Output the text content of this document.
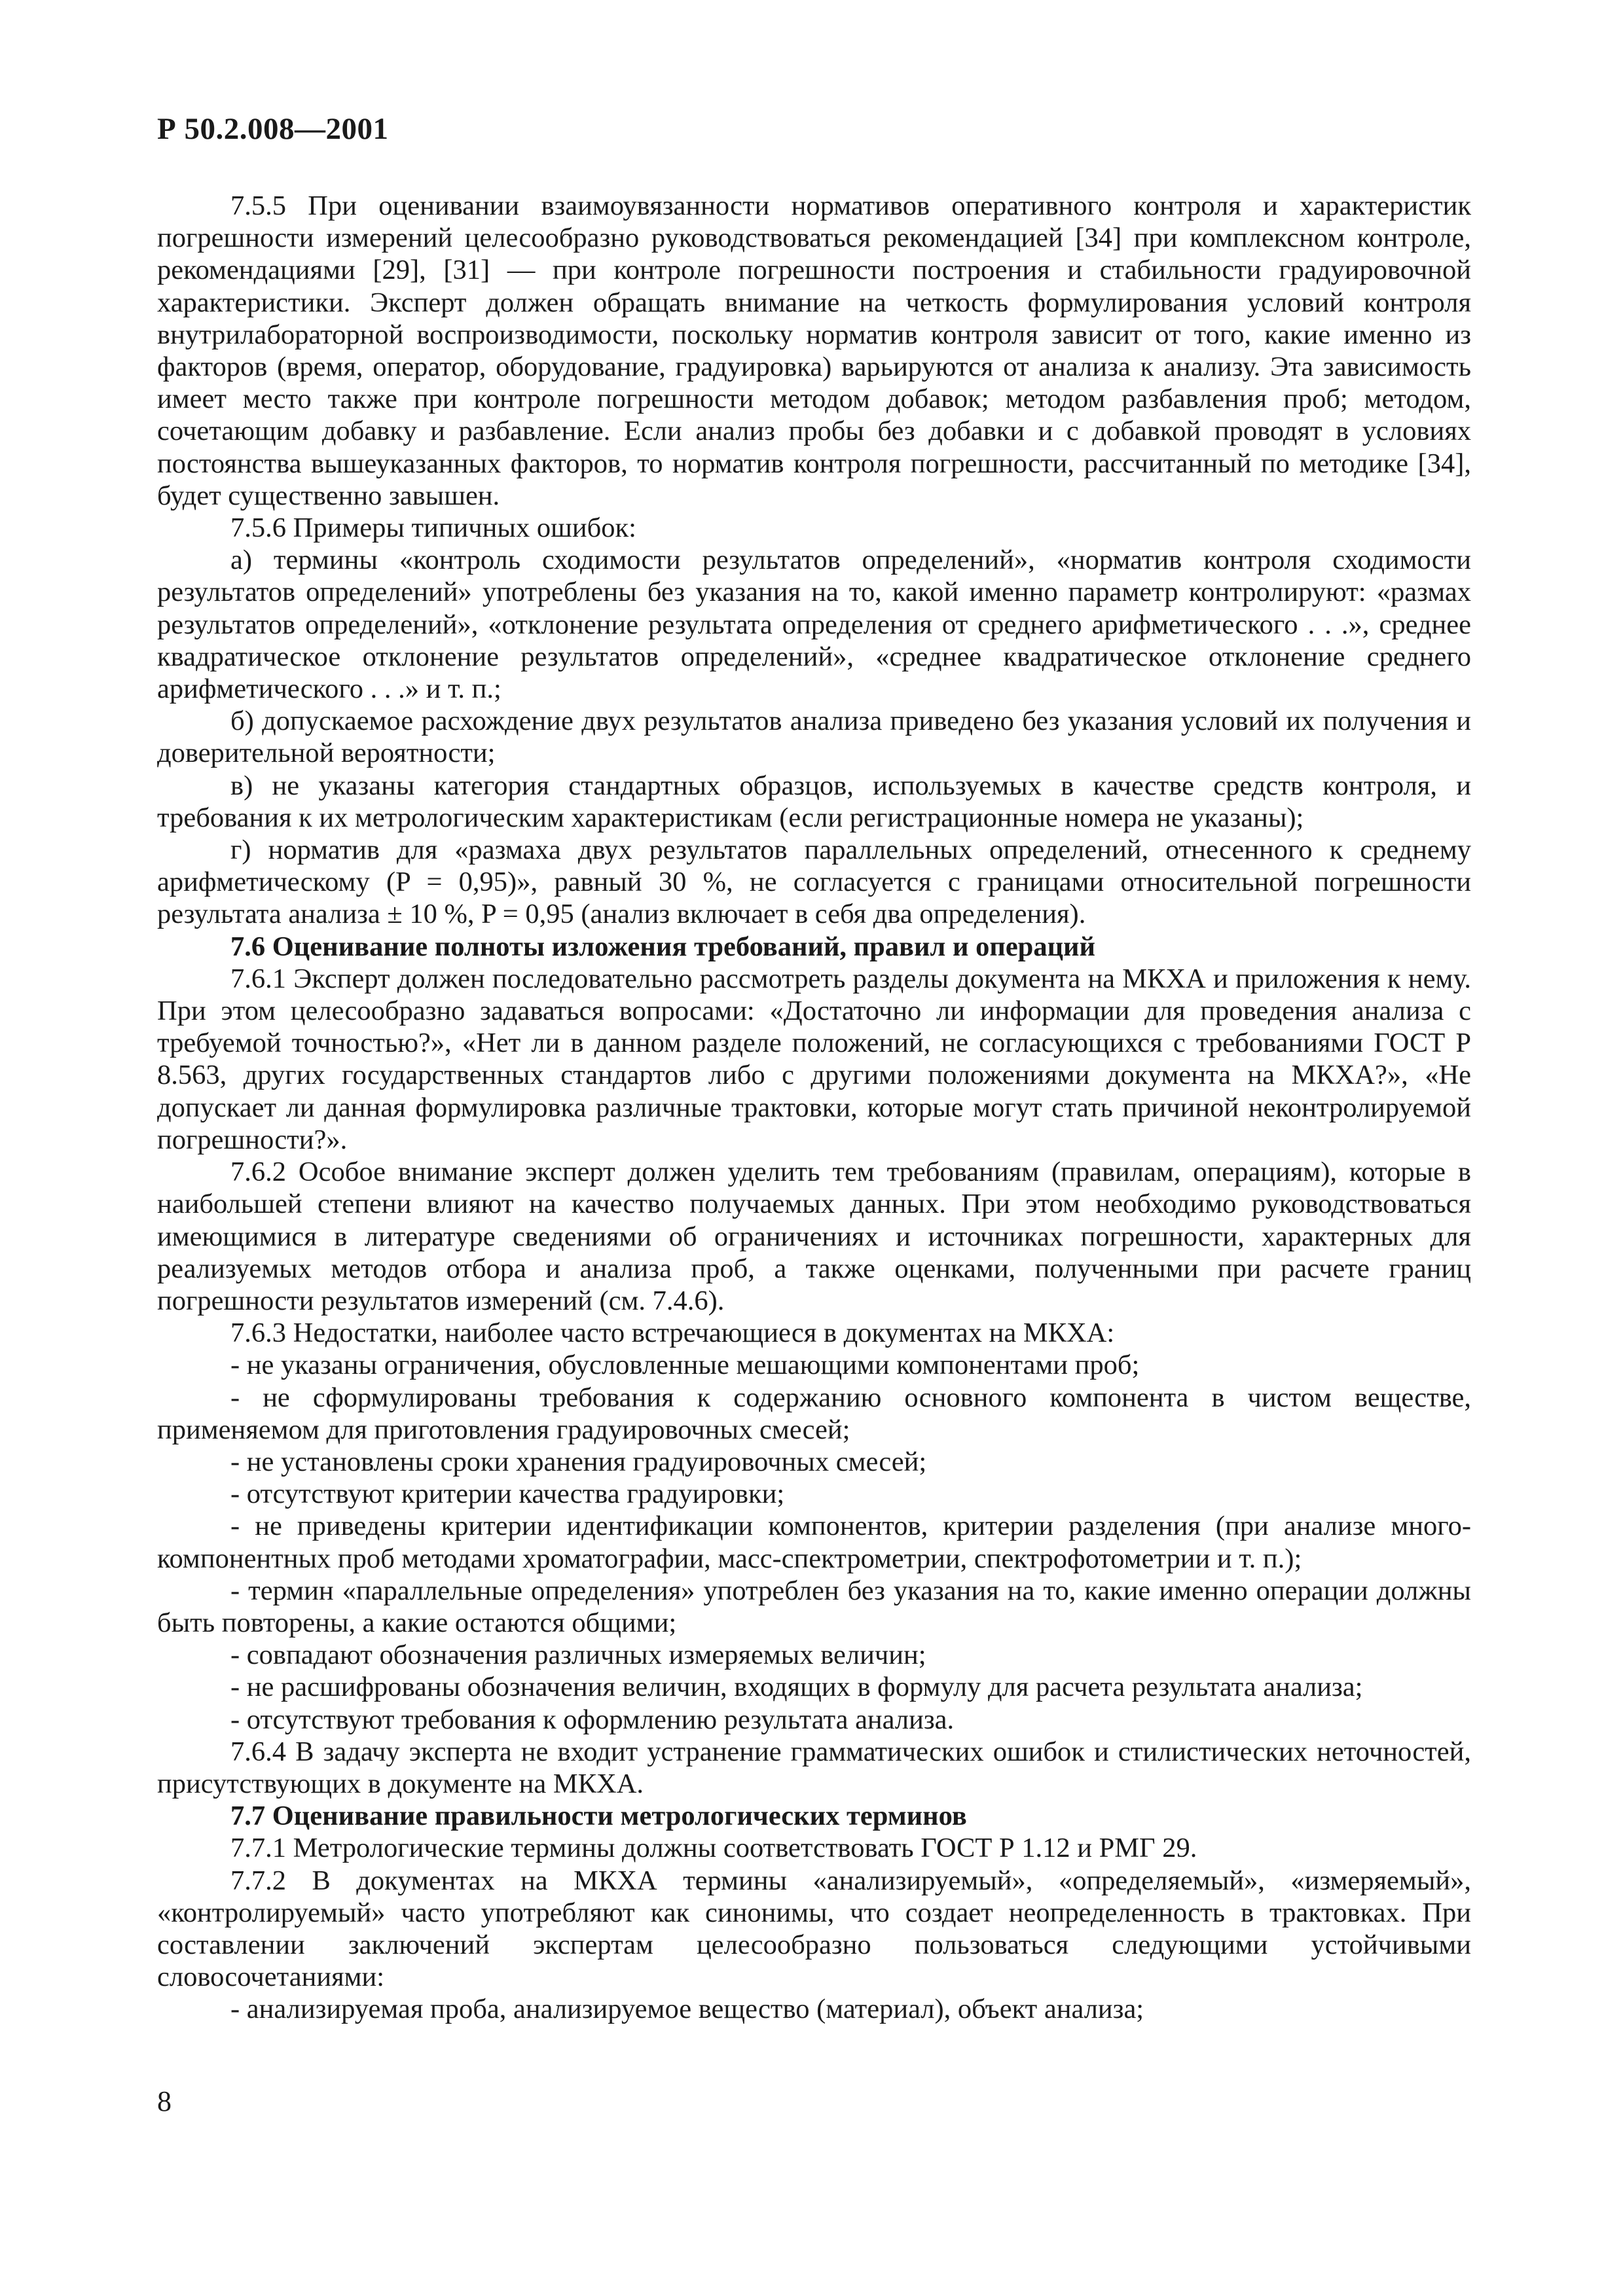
Р 50.2.008—2001

7.5.5 При оценивании взаимоувязанности нормативов оперативного контроля и характеристик погрешности измерений целесообразно руководствоваться рекомендацией [34] при комплексном контроле, рекомендациями [29], [31] — при контроле погрешности построения и стабильности градуировочной характеристики. Эксперт должен обращать внимание на четкость формулирования условий контроля внутрилабораторной воспроизводимости, поскольку норматив контроля зависит от того, какие именно из факторов (время, оператор, оборудование, градуировка) варьируются от анализа к анализу. Эта зависимость имеет место также при контроле погрешности методом добавок; методом разбавления проб; методом, сочетающим добавку и разбавление. Если анализ пробы без добавки и с добавкой проводят в условиях постоянства вышеуказанных факторов, то норматив контроля погрешности, рассчитанный по методике [34], будет существенно завышен.

7.5.6 Примеры типичных ошибок:

а) термины «контроль сходимости результатов определений», «норматив контроля сходимости результатов определений» употреблены без указания на то, какой именно параметр контролируют: «размах результатов определений», «отклонение результата определения от среднего арифметического . . .», среднее квадратическое отклонение результатов определений», «среднее квадратическое отклонение среднего арифметического . . .» и т. п.;

б) допускаемое расхождение двух результатов анализа приведено без указания условий их получения и доверительной вероятности;

в) не указаны категория стандартных образцов, используемых в качестве средств контроля, и требования к их метрологическим характеристикам (если регистрационные номера не указаны);

г) норматив для «размаха двух результатов параллельных определений, отнесенного к среднему арифметическому (P = 0,95)», равный 30 %, не согласуется с границами относительной погрешности результата анализа ± 10 %, P = 0,95 (анализ включает в себя два определения).

7.6 Оценивание полноты изложения требований, правил и операций

7.6.1 Эксперт должен последовательно рассмотреть разделы документа на МКХА и приложения к нему. При этом целесообразно задаваться вопросами: «Достаточно ли информации для проведения анализа с требуемой точностью?», «Нет ли в данном разделе положений, не согласующихся с требованиями ГОСТ Р 8.563, других государственных стандартов либо с другими положениями документа на МКХА?», «Не допускает ли данная формулировка различные трактовки, которые могут стать причиной неконтролируемой погрешности?».

7.6.2 Особое внимание эксперт должен уделить тем требованиям (правилам, операциям), которые в наибольшей степени влияют на качество получаемых данных. При этом необходимо руководствоваться имеющимися в литературе сведениями об ограничениях и источниках погрешности, характерных для реализуемых методов отбора и анализа проб, а также оценками, полученными при расчете границ погрешности результатов измерений (см. 7.4.6).

7.6.3 Недостатки, наиболее часто встречающиеся в документах на МКХА:

- не указаны ограничения, обусловленные мешающими компонентами проб;

- не сформулированы требования к содержанию основного компонента в чистом веществе, применяемом для приготовления градуировочных смесей;

- не установлены сроки хранения градуировочных смесей;

- отсутствуют критерии качества градуировки;

- не приведены критерии идентификации компонентов, критерии разделения (при анализе многокомпонентных проб методами хроматографии, масс-спектрометрии, спектрофотометрии и т. п.);

- термин «параллельные определения» употреблен без указания на то, какие именно операции должны быть повторены, а какие остаются общими;

- совпадают обозначения различных измеряемых величин;

- не расшифрованы обозначения величин, входящих в формулу для расчета результата анализа;

- отсутствуют требования к оформлению результата анализа.

7.6.4 В задачу эксперта не входит устранение грамматических ошибок и стилистических неточностей, присутствующих в документе на МКХА.

7.7 Оценивание правильности метрологических терминов

7.7.1 Метрологические термины должны соответствовать ГОСТ Р 1.12 и РМГ 29.

7.7.2 В документах на МКХА термины «анализируемый», «определяемый», «измеряемый», «контролируемый» часто употребляют как синонимы, что создает неопределенность в трактовках. При составлении заключений экспертам целесообразно пользоваться следующими устойчивыми словосочетаниями:

- анализируемая проба, анализируемое вещество (материал), объект анализа;

8
